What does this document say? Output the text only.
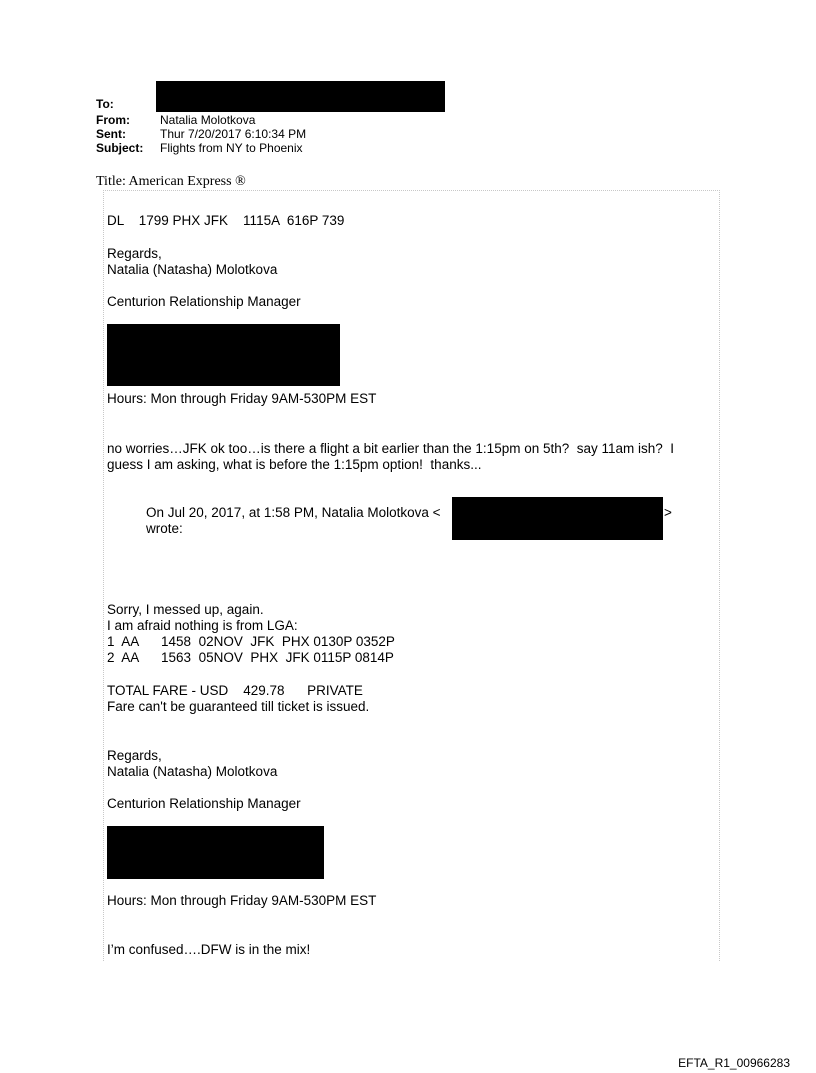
To:
From:	Natalia Molotkova
Sent:	Thur 7/20/2017 6:10:34 PM
Subject: Flights from NY to Phoenix
Title: American Express ®
DL    1799 PHX JFK    1115A  616P 739
Regards,
Natalia (Natasha) Molotkova
Centurion Relationship Manager
Hours: Mon through Friday 9AM-530PM EST
no worries…JFK ok too…is there a flight a bit earlier than the 1:15pm on 5th?  say 11am ish?  I
guess I am asking, what is before the 1:15pm option!  thanks...
On Jul 20, 2017, at 1:58 PM, Natalia Molotkova <	>
wrote:
Sorry, I messed up, again.
I am afraid nothing is from LGA:
1  AA      1458  02NOV  JFK  PHX 0130P 0352P
2  AA      1563  05NOV  PHX  JFK 0115P 0814P
TOTAL FARE - USD    429.78      PRIVATE
Fare can't be guaranteed till ticket is issued.
Regards,
Natalia (Natasha) Molotkova
Centurion Relationship Manager
Hours: Mon through Friday 9AM-530PM EST
I’m confused….DFW is in the mix!
EFTA_R1_00966283
